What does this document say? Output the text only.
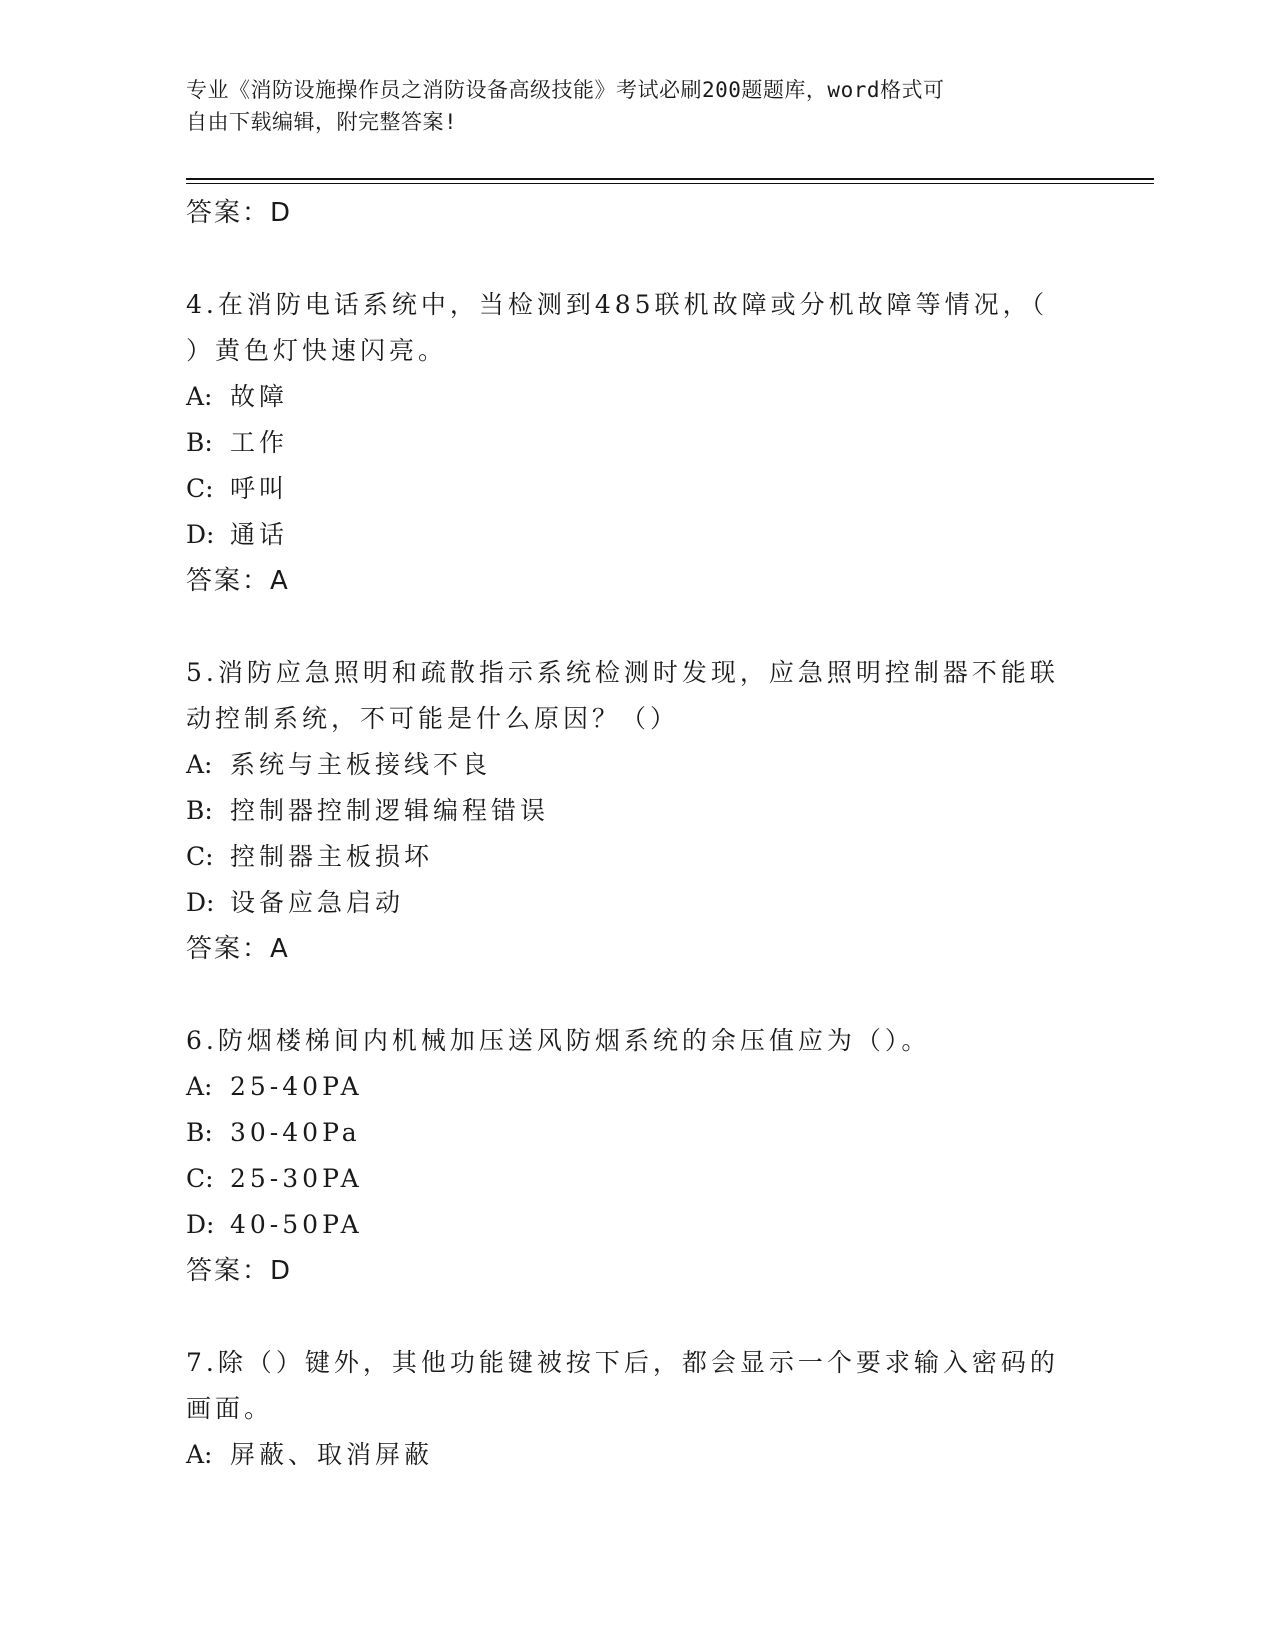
专业《消防设施操作员之消防设备高级技能》考试必刷200题题库，word格式可
自由下载编辑，附完整答案!
答案：D
4.在消防电话系统中，当检测到485联机故障或分机故障等情况，（
）黄色灯快速闪亮。
A: 故障
B: 工作
C: 呼叫
D: 通话
答案：A
5.消防应急照明和疏散指示系统检测时发现，应急照明控制器不能联
动控制系统，不可能是什么原因？（）
A: 系统与主板接线不良
B: 控制器控制逻辑编程错误
C: 控制器主板损坏
D: 设备应急启动
答案：A
6.防烟楼梯间内机械加压送风防烟系统的余压值应为（）。
A: 25-40PA
B: 30-40Pa
C: 25-30PA
D: 40-50PA
答案：D
7.除（）键外，其他功能键被按下后，都会显示一个要求输入密码的
画面。
A: 屏蔽、取消屏蔽
